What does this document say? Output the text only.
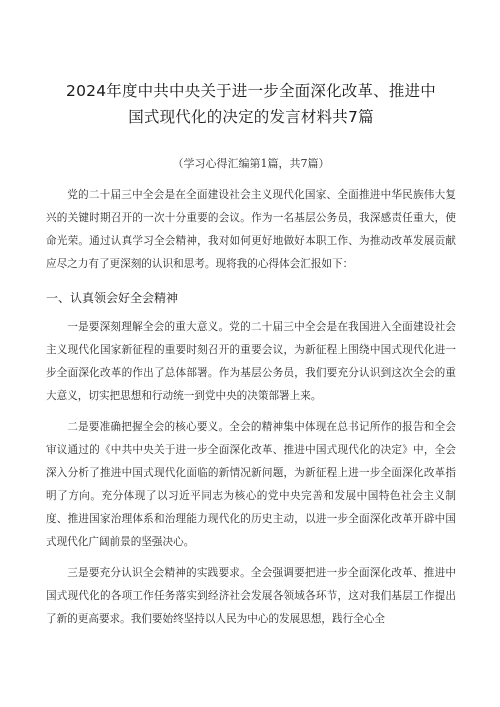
2024年度中共中央关于进一步全面深化改革、推进中
国式现代化的决定的发言材料共7篇
（学习心得汇编第1篇，共7篇）

党的二十届三中全会是在全面建设社会主义现代化国家、全面推进中华民族伟大复兴的关键时期召开的一次十分重要的会议。作为一名基层公务员，我深感责任重大，使命光荣。通过认真学习全会精神，我对如何更好地做好本职工作、为推动改革发展贡献应尽之力有了更深刻的认识和思考。现将我的心得体会汇报如下：

一、认真领会好全会精神

一是要深刻理解全会的重大意义。党的二十届三中全会是在我国进入全面建设社会主义现代化国家新征程的重要时刻召开的重要会议，为新征程上围绕中国式现代化进一步全面深化改革的作出了总体部署。作为基层公务员，我们要充分认识到这次全会的重大意义，切实把思想和行动统一到党中央的决策部署上来。

二是要准确把握全会的核心要义。全会的精神集中体现在总书记所作的报告和全会审议通过的《中共中央关于进一步全面深化改革、推进中国式现代化的决定》中，全会深入分析了推进中国式现代化面临的新情况新问题，为新征程上进一步全面深化改革指明了方向。充分体现了以习近平同志为核心的党中央完善和发展中国特色社会主义制度、推进国家治理体系和治理能力现代化的历史主动，以进一步全面深化改革开辟中国式现代化广阔前景的坚强决心。

三是要充分认识全会精神的实践要求。全会强调要把进一步全面深化改革、推进中国式现代化的各项工作任务落实到经济社会发展各领域各环节，这对我们基层工作提出了新的更高要求。我们要始终坚持以人民为中心的发展思想，践行全心全
